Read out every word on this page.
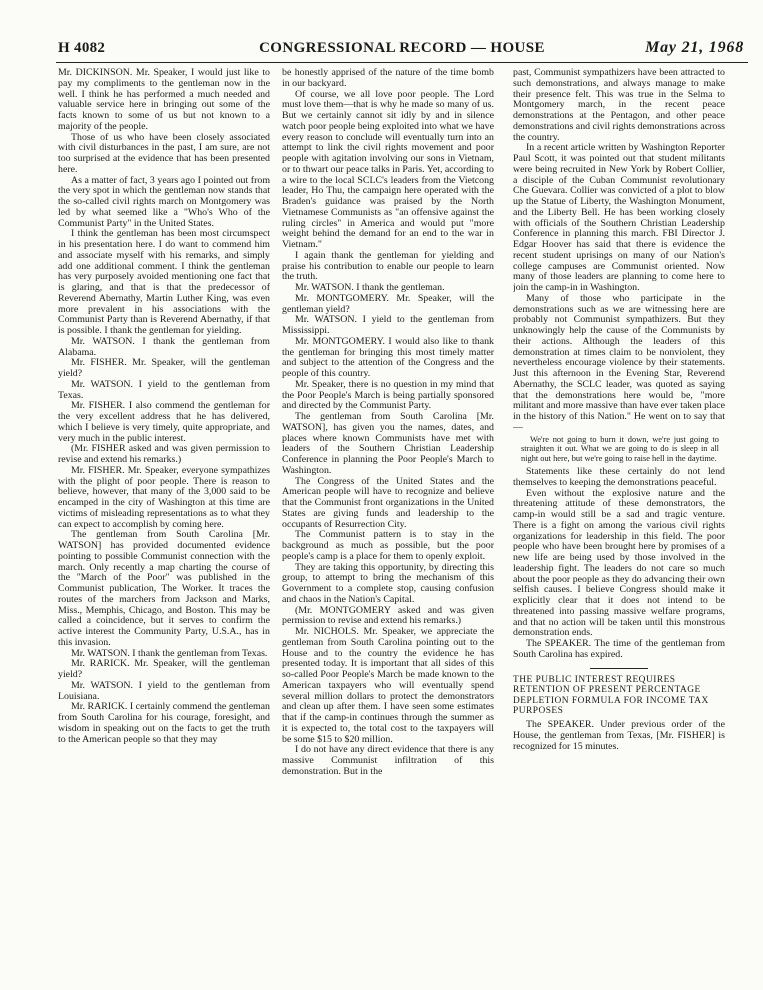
H 4082	CONGRESSIONAL RECORD — HOUSE	May 21, 1968

Mr. DICKINSON. Mr. Speaker, I would just like to pay my compliments to the gentleman now in the well. I think he has performed a much needed and valuable service here in bringing out some of the facts known to some of us but not known to a majority of the people.

Those of us who have been closely associated with civil disturbances in the past, I am sure, are not too surprised at the evidence that has been presented here.

As a matter of fact, 3 years ago I pointed out from the very spot in which the gentleman now stands that the so-called civil rights march on Montgomery was led by what seemed like a "Who's Who of the Communist Party" in the United States.

I think the gentleman has been most circumspect in his presentation here. I do want to commend him and associate myself with his remarks, and simply add one additional comment. I think the gentleman has very purposely avoided mentioning one fact that is glaring, and that is that the predecessor of Reverend Abernathy, Martin Luther King, was even more prevalent in his associations with the Communist Party than is Reverend Abernathy, if that is possible. I thank the gentleman for yielding.

Mr. WATSON. I thank the gentleman from Alabama.

Mr. FISHER. Mr. Speaker, will the gentleman yield?

Mr. WATSON. I yield to the gentleman from Texas.

Mr. FISHER. I also commend the gentleman for the very excellent address that he has delivered, which I believe is very timely, quite appropriate, and very much in the public interest.

(Mr. FISHER asked and was given permission to revise and extend his remarks.)

Mr. FISHER. Mr. Speaker, everyone sympathizes with the plight of poor people. There is reason to believe, however, that many of the 3,000 said to be encamped in the city of Washington at this time are victims of misleading representations as to what they can expect to accomplish by coming here.

The gentleman from South Carolina [Mr. WATSON] has provided documented evidence pointing to possible Communist connection with the march. Only recently a map charting the course of the "March of the Poor" was published in the Communist publication, The Worker. It traces the routes of the marchers from Jackson and Marks, Miss., Memphis, Chicago, and Boston. This may be called a coincidence, but it serves to confirm the active interest the Community Party, U.S.A., has in this invasion.

Mr. WATSON. I thank the gentleman from Texas.

Mr. RARICK. Mr. Speaker, will the gentleman yield?

Mr. WATSON. I yield to the gentleman from Louisiana.

Mr. RARICK. I certainly commend the gentleman from South Carolina for his courage, foresight, and wisdom in speaking out on the facts to get the truth to the American people so that they may

be honestly apprised of the nature of the time bomb in our backyard.

Of course, we all love poor people. The Lord must love them—that is why he made so many of us. But we certainly cannot sit idly by and in silence watch poor people being exploited into what we have every reason to conclude will eventually turn into an attempt to link the civil rights movement and poor people with agitation involving our sons in Vietnam, or to thwart our peace talks in Paris. Yet, according to a wire to the local SCLC's leaders from the Vietcong leader, Ho Thu, the campaign here operated with the Braden's guidance was praised by the North Vietnamese Communists as "an offensive against the ruling circles" in America and would put "more weight behind the demand for an end to the war in Vietnam."

I again thank the gentleman for yielding and praise his contribution to enable our people to learn the truth.

Mr. WATSON. I thank the gentleman.

Mr. MONTGOMERY. Mr. Speaker, will the gentleman yield?

Mr. WATSON. I yield to the gentleman from Mississippi.

Mr. MONTGOMERY. I would also like to thank the gentleman for bringing this most timely matter and subject to the attention of the Congress and the people of this country.

Mr. Speaker, there is no question in my mind that the Poor People's March is being partially sponsored and directed by the Communist Party.

The gentleman from South Carolina [Mr. WATSON], has given you the names, dates, and places where known Communists have met with leaders of the Southern Christian Leadership Conference in planning the Poor People's March to Washington.

The Congress of the United States and the American people will have to recognize and believe that the Communist front organizations in the United States are giving funds and leadership to the occupants of Resurrection City.

The Communist pattern is to stay in the background as much as possible, but the poor people's camp is a place for them to openly exploit.

They are taking this opportunity, by directing this group, to attempt to bring the mechanism of this Government to a complete stop, causing confusion and chaos in the Nation's Capital.

(Mr. MONTGOMERY asked and was given permission to revise and extend his remarks.)

Mr. NICHOLS. Mr. Speaker, we appreciate the gentleman from South Carolina pointing out to the House and to the country the evidence he has presented today. It is important that all sides of this so-called Poor People's March be made known to the American taxpayers who will eventually spend several million dollars to protect the demonstrators and clean up after them. I have seen some estimates that if the camp-in continues through the summer as it is expected to, the total cost to the taxpayers will be some $15 to $20 million.

I do not have any direct evidence that there is any massive Communist infiltration of this demonstration. But in the

past, Communist sympathizers have been attracted to such demonstrations, and always manage to make their presence felt. This was true in the Selma to Montgomery march, in the recent peace demonstrations at the Pentagon, and other peace demonstrations and civil rights demonstrations across the country.

In a recent article written by Washington Reporter Paul Scott, it was pointed out that student militants were being recruited in New York by Robert Collier, a disciple of the Cuban Communist revolutionary Che Guevara. Collier was convicted of a plot to blow up the Statue of Liberty, the Washington Monument, and the Liberty Bell. He has been working closely with officials of the Southern Christian Leadership Conference in planning this march. FBI Director J. Edgar Hoover has said that there is evidence the recent student uprisings on many of our Nation's college campuses are Communist oriented. Now many of those leaders are planning to come here to join the camp-in in Washington.

Many of those who participate in the demonstrations such as we are witnessing here are probably not Communist sympathizers. But they unknowingly help the cause of the Communists by their actions. Although the leaders of this demonstration at times claim to be nonviolent, they nevertheless encourage violence by their statements. Just this afternoon in the Evening Star, Reverend Abernathy, the SCLC leader, was quoted as saying that the demonstrations here would be, "more militant and more massive than have ever taken place in the history of this Nation." He went on to say that—

We're not going to burn it down, we're just going to straighten it out. What we are going to do is sleep in all night out here, but we're going to raise hell in the daytime.

Statements like these certainly do not lend themselves to keeping the demonstrations peaceful.

Even without the explosive nature and the threatening attitude of these demonstrators, the camp-in would still be a sad and tragic venture. There is a fight on among the various civil rights organizations for leadership in this field. The poor people who have been brought here by promises of a new life are being used by those involved in the leadership fight. The leaders do not care so much about the poor people as they do advancing their own selfish causes. I believe Congress should make it explicitly clear that it does not intend to be threatened into passing massive welfare programs, and that no action will be taken until this monstrous demonstration ends.

The SPEAKER. The time of the gentleman from South Carolina has expired.

THE PUBLIC INTEREST REQUIRES RETENTION OF PRESENT PERCENTAGE DEPLETION FORMULA FOR INCOME TAX PURPOSES

The SPEAKER. Under previous order of the House, the gentleman from Texas, [Mr. FISHER] is recognized for 15 minutes.
